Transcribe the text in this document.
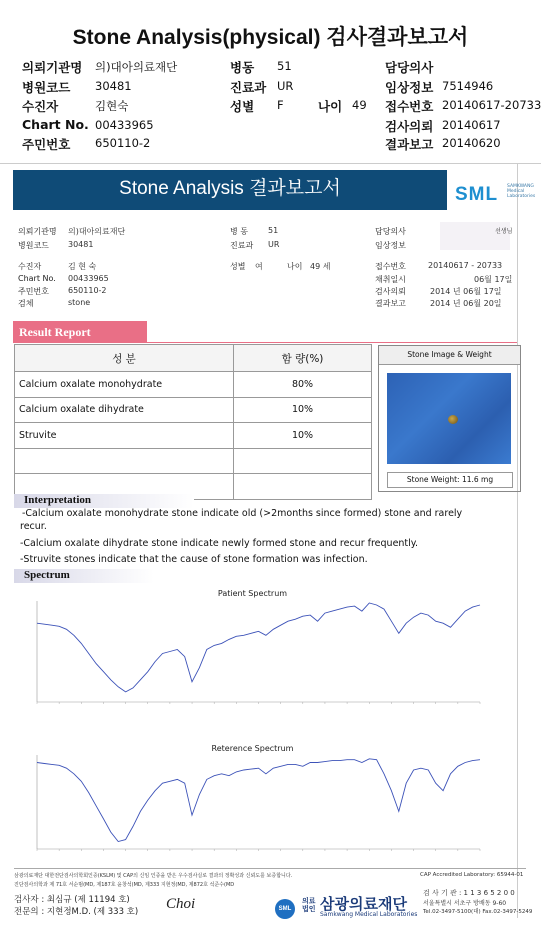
Stone Analysis(physical) 검사결과보고서
의뢰기관명 의)대아의료재단
병원코드 30481
수진자	김현숙
Chart No. 00433965
주민번호 650110-2
병동 51
진료과 UR
성별 F	나이 49
담당의사
임상정보 7514946
접수번호 20140617-20733
검사의뢰 20140617
결과보고 20140620
Stone Analysis 결과보고서	SML SAMKWANG Medical Laboratories
의뢰기관명 의)대아의료재단
병원코드 30481
병 동	51
진료과 UR
담당의사	선생님
임상정보
수진자	김 현 숙
Chart No. 00433965
주민번호 650110-2
검체	stone
성별 여	나이 49 세	접수번호	20140617 - 20733
채취일시	06월 17일
검사의뢰	2014 년 06월 17일
결과보고	2014 년 06월 20일
Result Report
성 분	함 량(%)
Calcium oxalate monohydrate	80%
Calcium oxalate dihydrate	10%
Struvite	10%

Stone Image & Weight
Stone Weight: 11.6 mg
Interpretation
-Calcium oxalate monohydrate stone indicate old (>2months since formed) stone and rarely
recur.
-Calcium oxalate dihydrate stone indicate newly formed stone and recur frequently.
-Struvite stones indicate that the cause of stone formation was infection.
Spectrum
Patient Spectrum
Reterence Spectrum
삼광의료재단 대한전단검사의학회인증(KSLM) 및 CAP의 신임 인증을 받은 우수검사실로 결과의 정확성과 신뢰도를 보증합니다.
진단검사의학과 제 71호 서순범(MD, 제187호 윤창석(MD, 제333 지현정(MD, 제872호 석준수(MD
CAP Accredited Laboratory: 65944-01
검사자 : 최심규 (제 11194 호)
전문의 : 지현정M.D. (제 333 호) Choi	SML
의료 법인 삼광의료재단
Samkwang Medical Laboratories
검 사 기 관 : 1 1 3 6 5 2 0 0
서울특별시 서초구 방배동 9-60
Tel.02-3497-5100(대) Fax.02-3497-5249
